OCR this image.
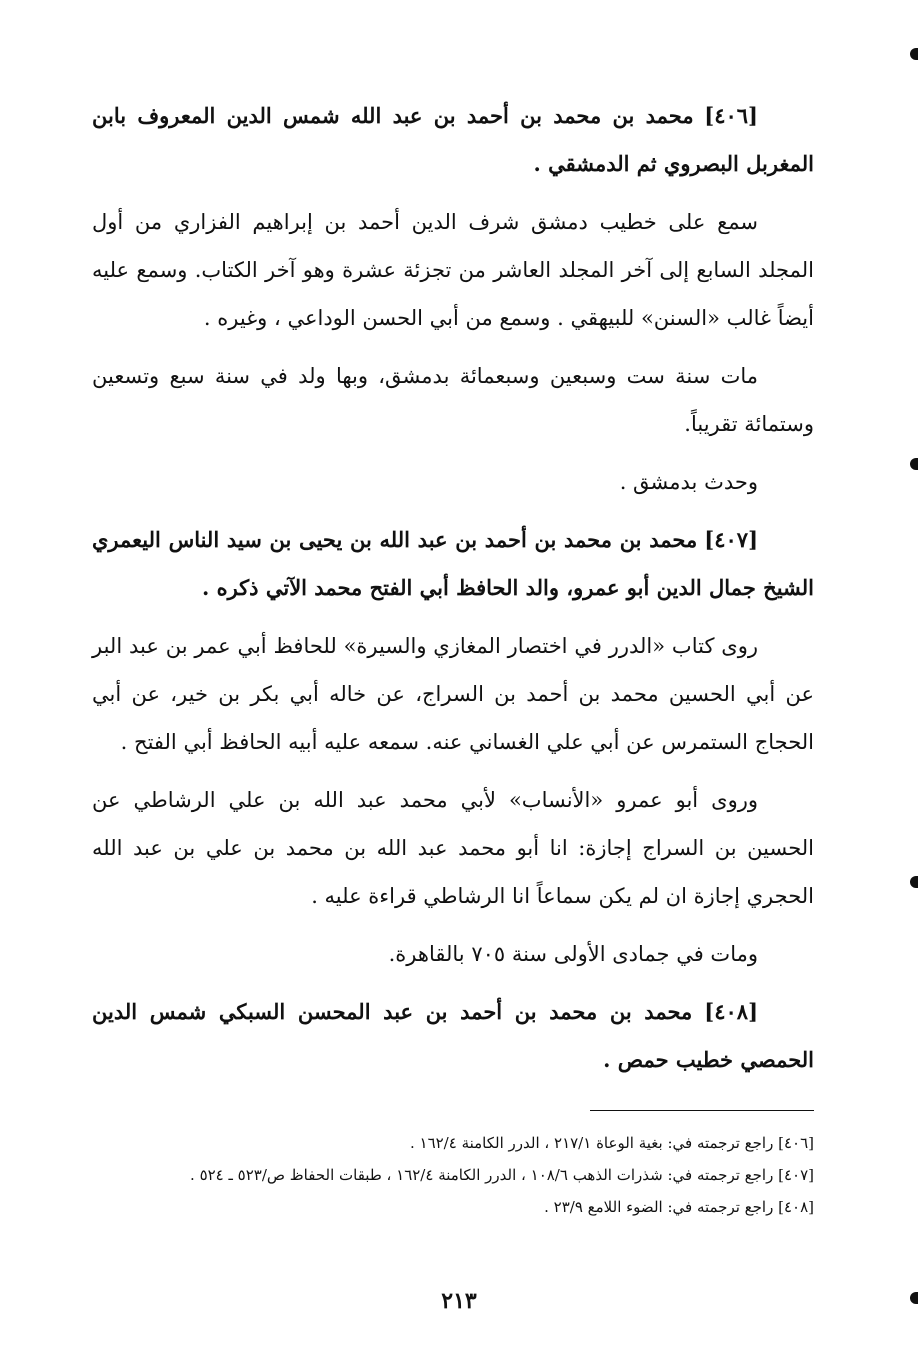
[٤٠٦] محمد بن محمد بن أحمد بن عبد الله شمس الدين المعروف بابن المغربل البصروي ثم الدمشقي .

سمع على خطيب دمشق شرف الدين أحمد بن إبراهيم الفزاري من أول المجلد السابع إلى آخر المجلد العاشر من تجزئة عشرة وهو آخر الكتاب. وسمع عليه أيضاً غالب «السنن» للبيهقي . وسمع من أبي الحسن الوداعي ، وغيره .

مات سنة ست وسبعين وسبعمائة بدمشق، وبها ولد في سنة سبع وتسعين وستمائة تقريباً.

وحدث بدمشق .

[٤٠٧] محمد بن محمد بن أحمد بن عبد الله بن يحيى بن سيد الناس اليعمري الشيخ جمال الدين أبو عمرو، والد الحافظ أبي الفتح محمد الآتي ذكره .

روى كتاب «الدرر في اختصار المغازي والسيرة» للحافظ أبي عمر بن عبد البر عن أبي الحسين محمد بن أحمد بن السراج، عن خاله أبي بكر بن خير، عن أبي الحجاج الستمرس عن أبي علي الغساني عنه. سمعه عليه أبيه الحافظ أبي الفتح .

وروى أبو عمرو «الأنساب» لأبي محمد عبد الله بن علي الرشاطي عن الحسين بن السراج إجازة: انا أبو محمد عبد الله بن محمد بن علي بن عبد الله الحجري إجازة ان لم يكن سماعاً انا الرشاطي قراءة عليه .

ومات في جمادى الأولى سنة ٧٠٥ بالقاهرة.

[٤٠٨] محمد بن محمد بن أحمد بن عبد المحسن السبكي شمس الدين الحمصي خطيب حمص .

[٤٠٦] راجع ترجمته في: بغية الوعاة ٢١٧/١ ، الدرر الكامنة ١٦٢/٤ .

[٤٠٧] راجع ترجمته في: شذرات الذهب ١٠٨/٦ ، الدرر الكامنة ١٦٢/٤ ، طبقات الحفاظ ص/٥٢٣ ـ ٥٢٤ .

[٤٠٨] راجع ترجمته في: الضوء اللامع ٢٣/٩ .

٢١٣
